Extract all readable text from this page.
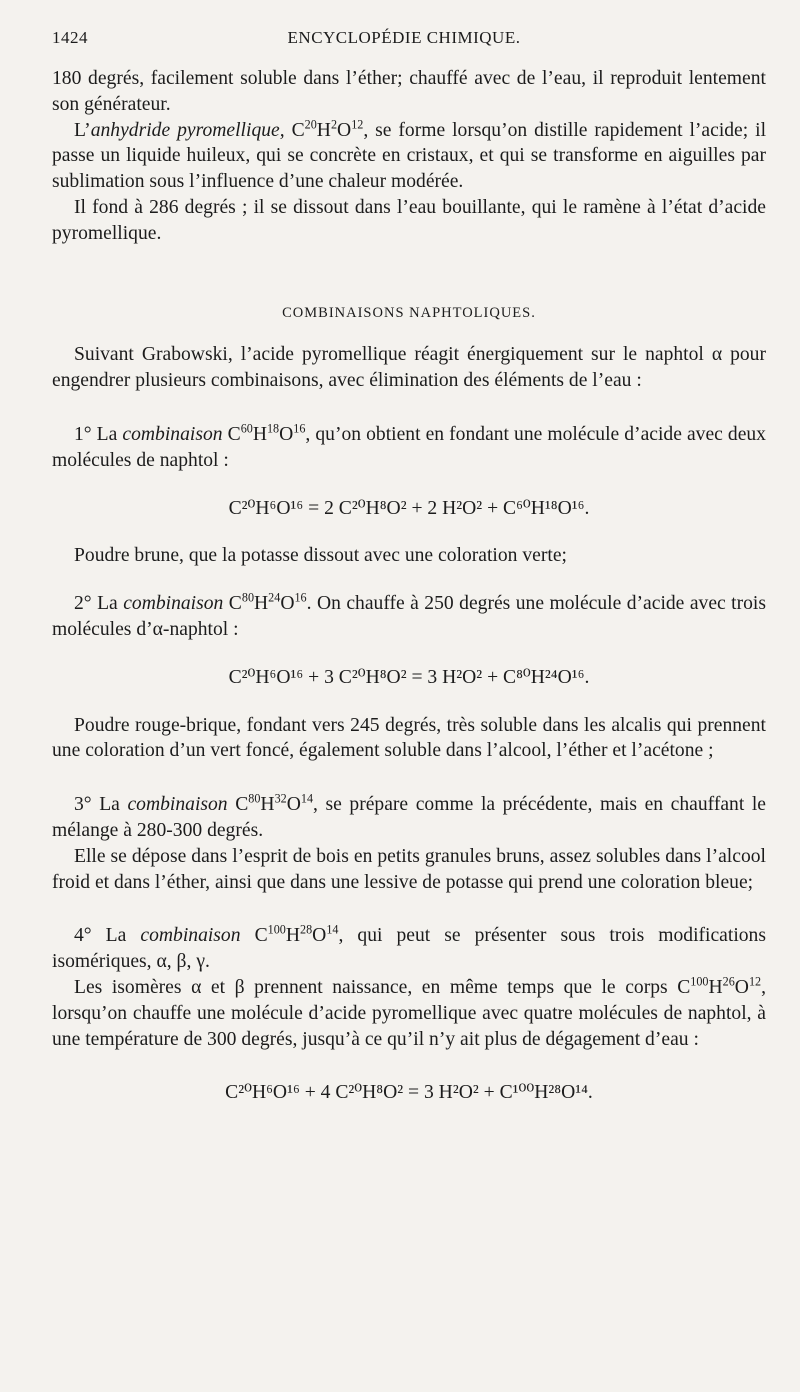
1424	ENCYCLOPÉDIE CHIMIQUE.

180 degrés, facilement soluble dans l’éther; chauffé avec de l’eau, il reproduit lentement son générateur.

L’anhydride pyromellique, $C^{20}H^2O^{12}$, se forme lorsqu’on distille rapidement l’acide; il passe un liquide huileux, qui se concrète en cristaux, et qui se transforme en aiguilles par sublimation sous l’influence d’une chaleur modérée.

Il fond à 286 degrés ; il se dissout dans l’eau bouillante, qui le ramène à l’état d’acide pyromellique.

COMBINAISONS NAPHTOLIQUES.

Suivant Grabowski, l’acide pyromellique réagit énergiquement sur le naphtol α pour engendrer plusieurs combinaisons, avec élimination des éléments de l’eau :

1° La combinaison $C^{60}H^{18}O^{16}$, qu’on obtient en fondant une molécule d’acide avec deux molécules de naphtol :

C²⁰H⁶O¹⁶ = 2 C²⁰H⁸O² + 2 H²O² + C⁶⁰H¹⁸O¹⁶.

Poudre brune, que la potasse dissout avec une coloration verte;

2° La combinaison $C^{80}H^{24}O^{16}$. On chauffe à 250 degrés une molécule d’acide avec trois molécules d’α-naphtol :

C²⁰H⁶O¹⁶ + 3 C²⁰H⁸O² = 3 H²O² + C⁸⁰H²⁴O¹⁶.

Poudre rouge-brique, fondant vers 245 degrés, très soluble dans les alcalis qui prennent une coloration d’un vert foncé, également soluble dans l’alcool, l’éther et l’acétone ;

3° La combinaison $C^{80}H^{32}O^{14}$, se prépare comme la précédente, mais en chauffant le mélange à 280-300 degrés.

Elle se dépose dans l’esprit de bois en petits granules bruns, assez solubles dans l’alcool froid et dans l’éther, ainsi que dans une lessive de potasse qui prend une coloration bleue;

4° La combinaison $C^{100}H^{28}O^{14}$, qui peut se présenter sous trois modifications isomériques, α, β, γ.

Les isomères α et β prennent naissance, en même temps que le corps $C^{100}H^{26}O^{12}$, lorsqu’on chauffe une molécule d’acide pyromellique avec quatre molécules de naphtol, à une température de 300 degrés, jusqu’à ce qu’il n’y ait plus de dégagement d’eau :

C²⁰H⁶O¹⁶ + 4 C²⁰H⁸O² = 3 H²O² + C¹⁰⁰H²⁸O¹⁴.
